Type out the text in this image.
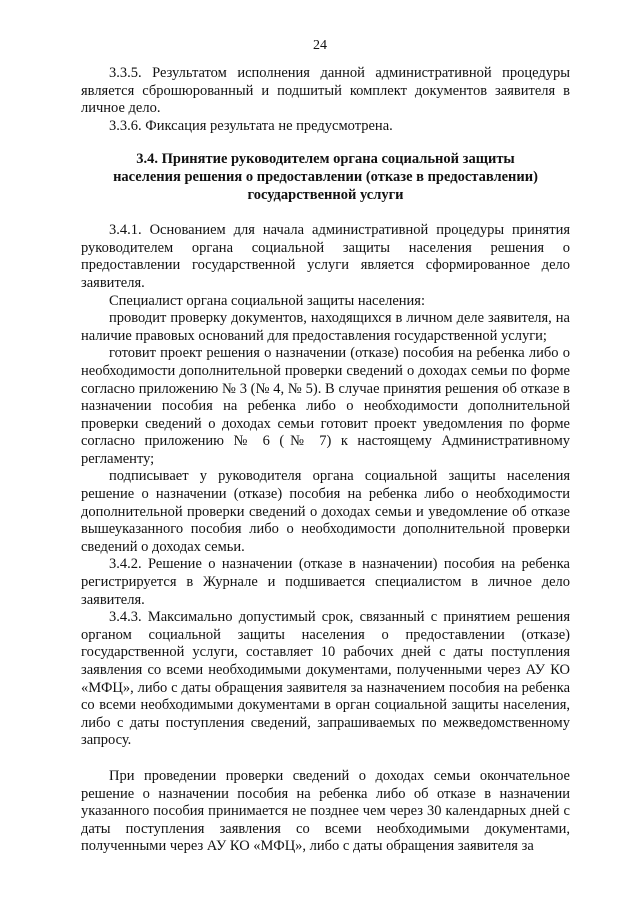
24

3.3.5. Результатом исполнения данной административной процедуры является сброшюрованный и подшитый комплект документов заявителя в личное дело.

3.3.6. Фиксация результата не предусмотрена.

3.4. Принятие руководителем органа социальной защиты
населения решения о предоставлении (отказе в предоставлении)
государственной услуги

3.4.1. Основанием для начала административной процедуры принятия руководителем органа социальной защиты населения решения о предоставлении государственной услуги является сформированное дело заявителя.

Специалист органа социальной защиты населения:

проводит проверку документов, находящихся в личном деле заявителя, на наличие правовых оснований для предоставления государственной услуги;

готовит проект решения о назначении (отказе) пособия на ребенка либо о необходимости дополнительной проверки сведений о доходах семьи по форме согласно приложению № 3 (№ 4, № 5). В случае принятия решения об отказе в назначении пособия на ребенка либо о необходимости дополнительной проверки сведений о доходах семьи готовит проект уведомления по форме согласно приложению № 6 (№ 7) к настоящему Административному регламенту;

подписывает у руководителя органа социальной защиты населения решение о назначении (отказе) пособия на ребенка либо о необходимости дополнительной проверки сведений о доходах семьи и уведомление об отказе вышеуказанного пособия либо о необходимости дополнительной проверки сведений о доходах семьи.

3.4.2. Решение о назначении (отказе в назначении) пособия на ребенка регистрируется в Журнале и подшивается специалистом в личное дело заявителя.

3.4.3. Максимально допустимый срок, связанный с принятием решения органом социальной защиты населения о предоставлении (отказе) государственной услуги, составляет 10 рабочих дней с даты поступления заявления со всеми необходимыми документами, полученными через АУ КО «МФЦ», либо с даты обращения заявителя за назначением пособия на ребенка со всеми необходимыми документами в орган социальной защиты населения, либо с даты поступления сведений, запрашиваемых по межведомственному запросу.

При проведении проверки сведений о доходах семьи окончательное решение о назначении пособия на ребенка либо об отказе в назначении указанного пособия принимается не позднее чем через 30 календарных дней с даты поступления заявления со всеми необходимыми документами, полученными через АУ КО «МФЦ», либо с даты обращения заявителя за
